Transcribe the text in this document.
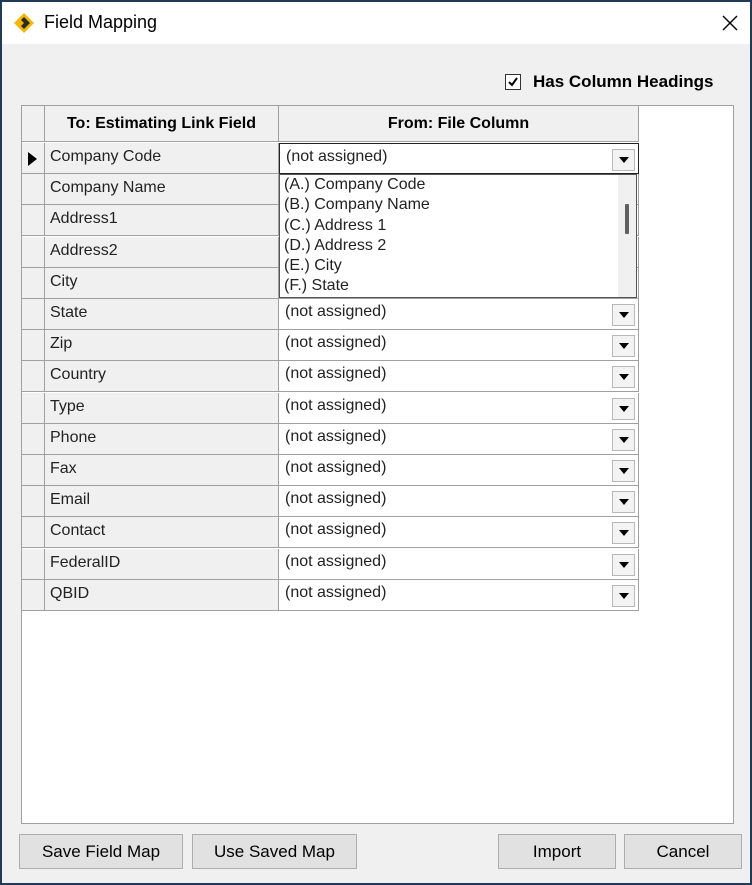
Field Mapping
Has Column Headings
To: Estimating Link Field	From: File Column
Company Code	(not assigned)
Company Name
Address1
Address2
City
State	(not assigned)
Zip	(not assigned)
Country	(not assigned)
Type	(not assigned)
Phone	(not assigned)
Fax	(not assigned)
Email	(not assigned)
Contact	(not assigned)
FederalID	(not assigned)
QBID	(not assigned)
(A.) Company Code
(B.) Company Name
(C.) Address 1
(D.) Address 2
(E.) City
(F.) State
Save Field Map	Use Saved Map	Import	Cancel
